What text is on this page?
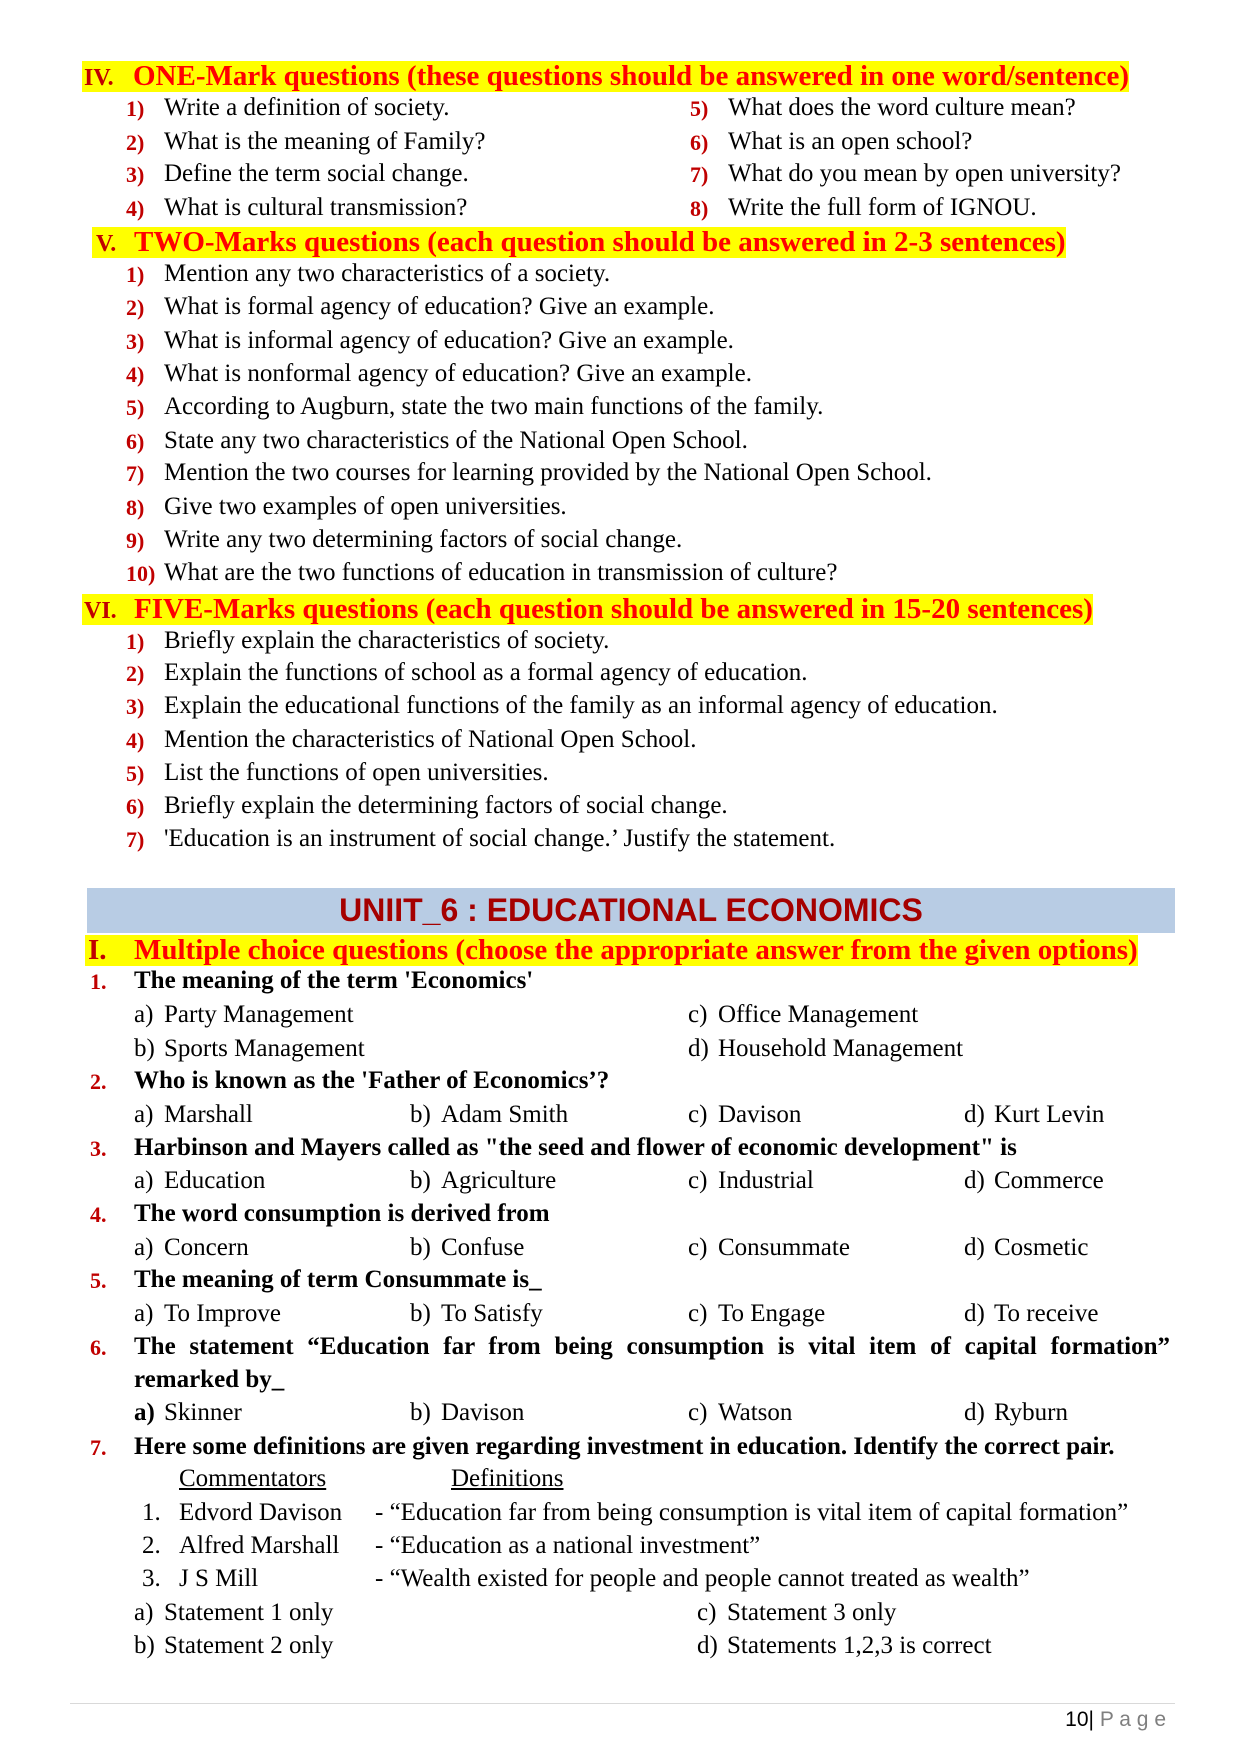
IV. ONE-Mark questions (these questions should be answered in one word/sentence)
1) Write a definition of society.	5) What does the word culture mean?
2) What is the meaning of Family?	6) What is an open school?
3) Define the term social change.	7) What do you mean by open university?
4) What is cultural transmission?	8) Write the full form of IGNOU.
V. TWO-Marks questions (each question should be answered in 2-3 sentences)
1) Mention any two characteristics of a society.
2) What is formal agency of education? Give an example.
3) What is informal agency of education? Give an example.
4) What is nonformal agency of education? Give an example.
5) According to Augburn, state the two main functions of the family.
6) State any two characteristics of the National Open School.
7) Mention the two courses for learning provided by the National Open School.
8) Give two examples of open universities.
9) Write any two determining factors of social change.
10) What are the two functions of education in transmission of culture?
VI. FIVE-Marks questions (each question should be answered in 15-20 sentences)
1) Briefly explain the characteristics of society.
2) Explain the functions of school as a formal agency of education.
3) Explain the educational functions of the family as an informal agency of education.
4) Mention the characteristics of National Open School.
5) List the functions of open universities.
6) Briefly explain the determining factors of social change.
7) 'Education is an instrument of social change.’ Justify the statement.
UNIIT_6 : EDUCATIONAL ECONOMICS
I. Multiple choice questions (choose the appropriate answer from the given options)
1. The meaning of the term 'Economics'
a) Party Management	c) Office Management
b) Sports Management	d) Household Management
2. Who is known as the 'Father of Economics’?
a) Marshall	b) Adam Smith	c) Davison	d) Kurt Levin
3. Harbinson and Mayers called as "the seed and flower of economic development" is
a) Education	b) Agriculture	c) Industrial	d) Commerce
4. The word consumption is derived from
a) Concern	b) Confuse	c) Consummate	d) Cosmetic
5. The meaning of term Consummate is_
a) To Improve	b) To Satisfy	c) To Engage	d) To receive
6. The statement “Education far from being consumption is vital item of capital formation”
remarked by_
a) Skinner	b) Davison	c) Watson	d) Ryburn
7. Here some definitions are given regarding investment in education. Identify the correct pair.
Commentators	Definitions
1. Edvord Davison - “Education far from being consumption is vital item of capital formation”
2. Alfred Marshall - “Education as a national investment”
3. J S Mill	- “Wealth existed for people and people cannot treated as wealth”
a) Statement 1 only	c) Statement 3 only
b) Statement 2 only	d) Statements 1,2,3 is correct
10| P a g e
